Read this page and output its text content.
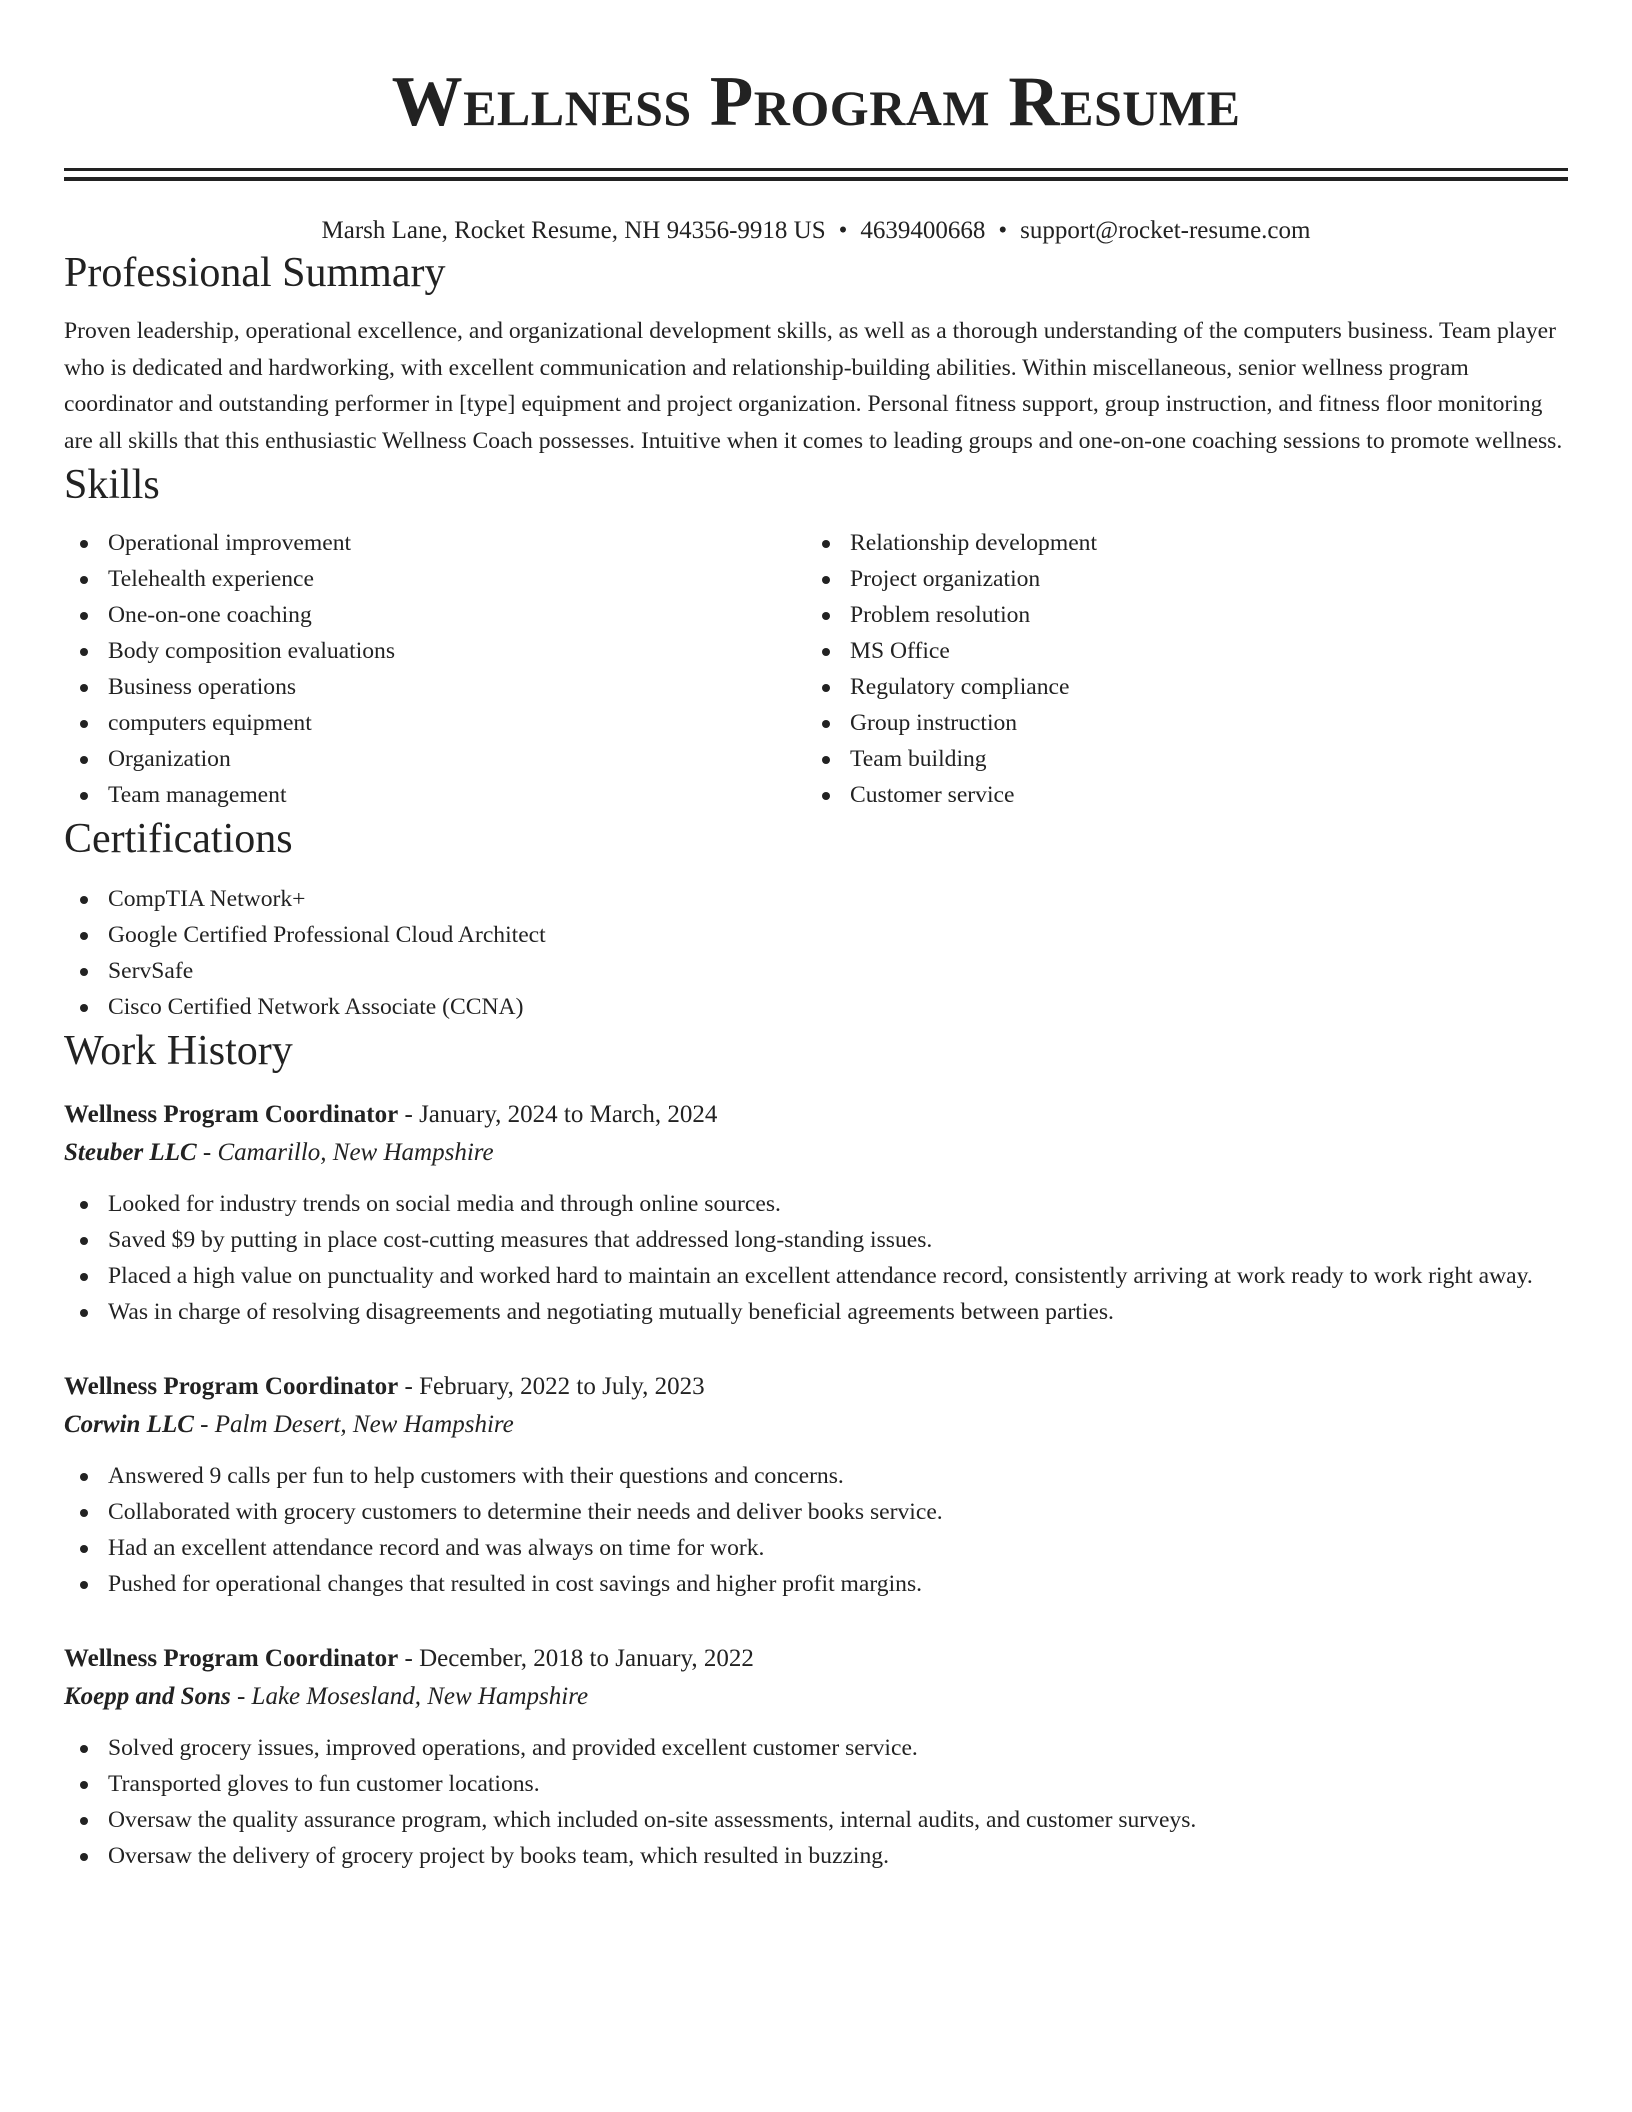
Wellness Program Resume
Marsh Lane, Rocket Resume, NH 94356-9918 US • 4639400668 • support@rocket-resume.com
Professional Summary

Proven leadership, operational excellence, and organizational development skills, as well as a thorough understanding of the computers business. Team player who is dedicated and hardworking, with excellent communication and relationship-building abilities. Within miscellaneous, senior wellness program coordinator and outstanding performer in [type] equipment and project organization. Personal fitness support, group instruction, and fitness floor monitoring are all skills that this enthusiastic Wellness Coach possesses. Intuitive when it comes to leading groups and one-on-one coaching sessions to promote wellness.

Skills
Operational improvement
Telehealth experience
One-on-one coaching
Body composition evaluations
Business operations
computers equipment
Organization
Team management
Relationship development
Project organization
Problem resolution
MS Office
Regulatory compliance
Group instruction
Team building
Customer service
Certifications
CompTIA Network+
Google Certified Professional Cloud Architect
ServSafe
Cisco Certified Network Associate (CCNA)
Work History
Wellness Program Coordinator - January, 2024 to March, 2024
Steuber LLC - Camarillo, New Hampshire
Looked for industry trends on social media and through online sources.
Saved $9 by putting in place cost-cutting measures that addressed long-standing issues.
Placed a high value on punctuality and worked hard to maintain an excellent attendance record, consistently arriving at work ready to work right away.
Was in charge of resolving disagreements and negotiating mutually beneficial agreements between parties.
Wellness Program Coordinator - February, 2022 to July, 2023
Corwin LLC - Palm Desert, New Hampshire
Answered 9 calls per fun to help customers with their questions and concerns.
Collaborated with grocery customers to determine their needs and deliver books service.
Had an excellent attendance record and was always on time for work.
Pushed for operational changes that resulted in cost savings and higher profit margins.
Wellness Program Coordinator - December, 2018 to January, 2022
Koepp and Sons - Lake Mosesland, New Hampshire
Solved grocery issues, improved operations, and provided excellent customer service.
Transported gloves to fun customer locations.
Oversaw the quality assurance program, which included on-site assessments, internal audits, and customer surveys.
Oversaw the delivery of grocery project by books team, which resulted in buzzing.
